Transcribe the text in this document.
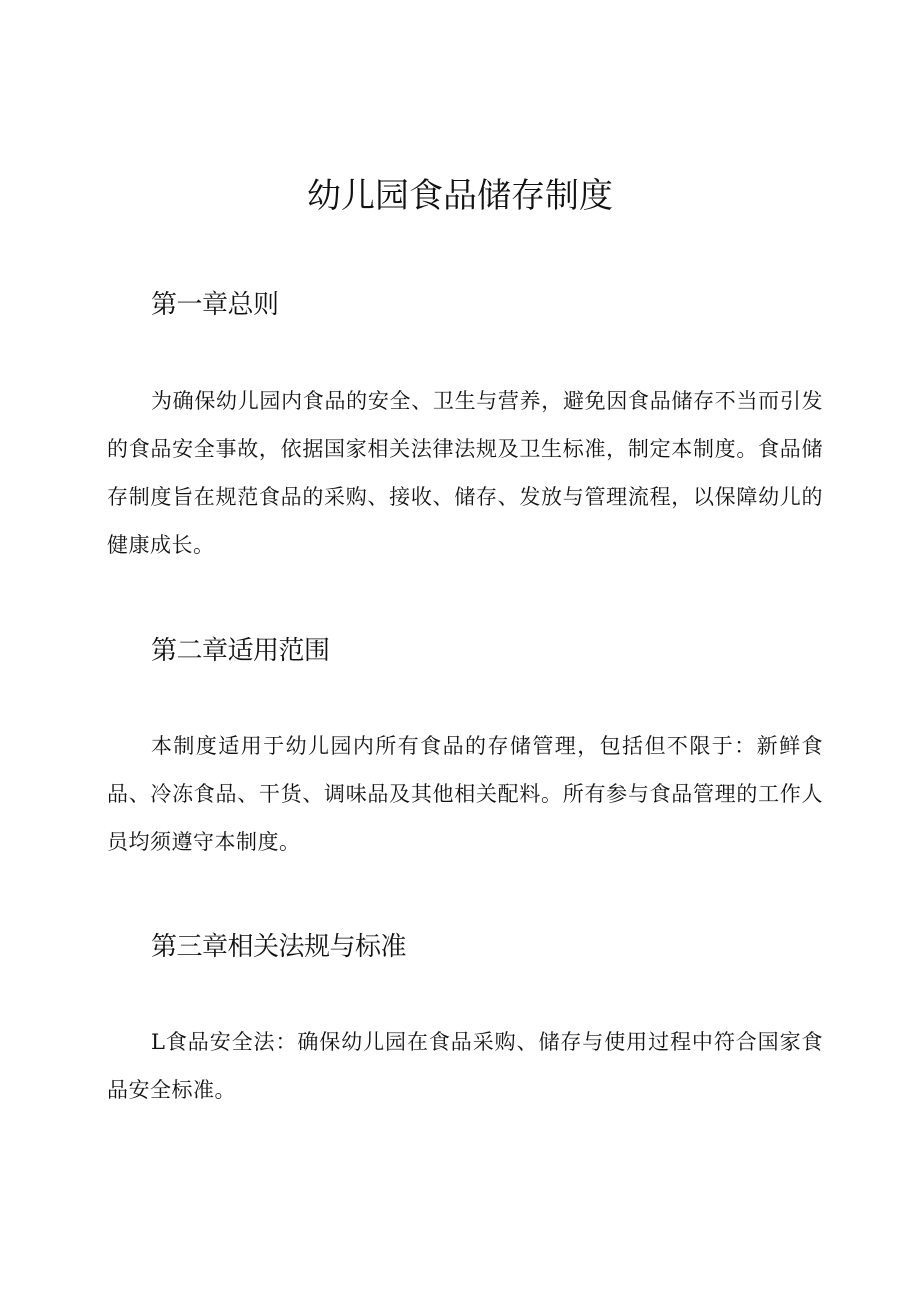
幼儿园食品储存制度
第一章总则

为确保幼儿园内食品的安全、卫生与营养，避免因食品储存不当而引发的食品安全事故，依据国家相关法律法规及卫生标准，制定本制度。食品储存制度旨在规范食品的采购、接收、储存、发放与管理流程，以保障幼儿的健康成长。

第二章适用范围

本制度适用于幼儿园内所有食品的存储管理，包括但不限于：新鲜食品、冷冻食品、干货、调味品及其他相关配料。所有参与食品管理的工作人员均须遵守本制度。

第三章相关法规与标准

L食品安全法：确保幼儿园在食品采购、储存与使用过程中符合国家食品安全标准。
